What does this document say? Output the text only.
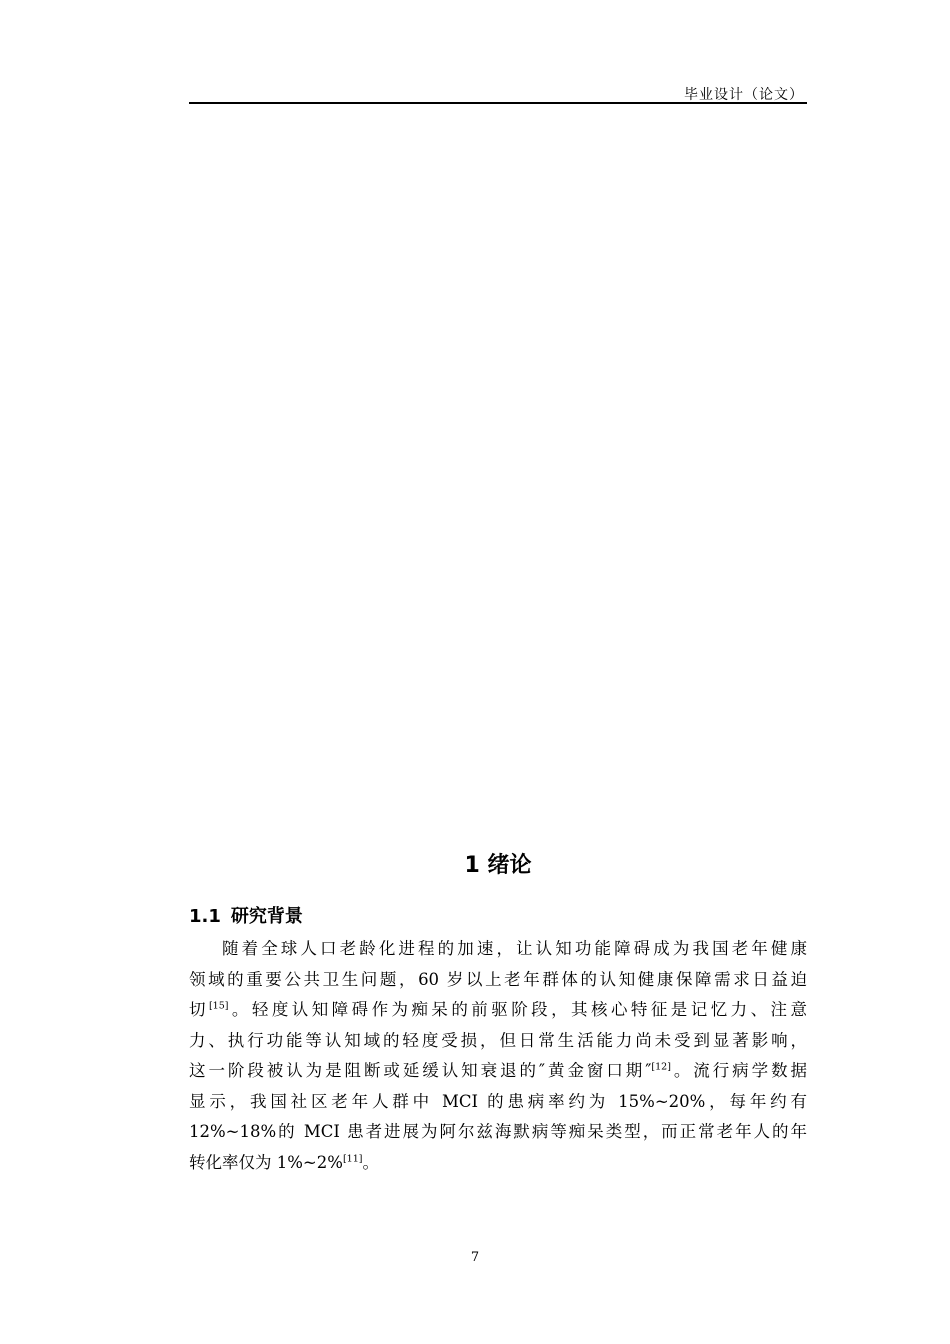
毕业设计（论文）
1 绪论
1.1 研究背景

随着全球人口老龄化进程的加速，让认知功能障碍成为我国老年健康
领域的重要公共卫生问题，60 岁以上老年群体的认知健康保障需求日益迫
切[15]。轻度认知障碍作为痴呆的前驱阶段，其核心特征是记忆力、注意
力、执行功能等认知域的轻度受损，但日常生活能力尚未受到显著影响，
这一阶段被认为是阻断或延缓认知衰退的″黄金窗口期″[12]。流行病学数据
显示，我国社区老年人群中 MCI 的患病率约为 15%~20%，每年约有
12%~18%的 MCI 患者进展为阿尔兹海默病等痴呆类型，而正常老年人的年
转化率仅为 1%~2%[11]。

7
